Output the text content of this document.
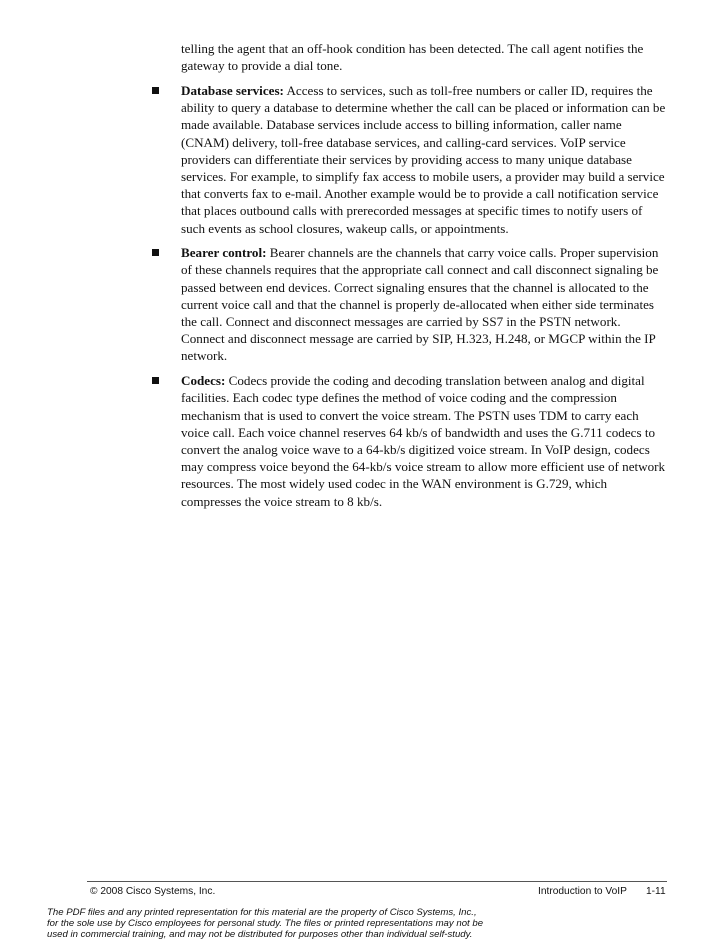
telling the agent that an off-hook condition has been detected. The call agent notifies the gateway to provide a dial tone.

Database services: Access to services, such as toll-free numbers or caller ID, requires the ability to query a database to determine whether the call can be placed or information can be made available. Database services include access to billing information, caller name (CNAM) delivery, toll-free database services, and calling-card services. VoIP service providers can differentiate their services by providing access to many unique database services. For example, to simplify fax access to mobile users, a provider may build a service that converts fax to e-mail. Another example would be to provide a call notification service that places outbound calls with prerecorded messages at specific times to notify users of such events as school closures, wakeup calls, or appointments.
Bearer control: Bearer channels are the channels that carry voice calls. Proper supervision of these channels requires that the appropriate call connect and call disconnect signaling be passed between end devices. Correct signaling ensures that the channel is allocated to the current voice call and that the channel is properly de-allocated when either side terminates the call. Connect and disconnect messages are carried by SS7 in the PSTN network. Connect and disconnect message are carried by SIP, H.323, H.248, or MGCP within the IP network.
Codecs: Codecs provide the coding and decoding translation between analog and digital facilities. Each codec type defines the method of voice coding and the compression mechanism that is used to convert the voice stream. The PSTN uses TDM to carry each voice call. Each voice channel reserves 64 kb/s of bandwidth and uses the G.711 codecs to convert the analog voice wave to a 64-kb/s digitized voice stream. In VoIP design, codecs may compress voice beyond the 64-kb/s voice stream to allow more efficient use of network resources. The most widely used codec in the WAN environment is G.729, which compresses the voice stream to 8 kb/s.
© 2008 Cisco Systems, Inc.	Introduction to VoIP 1-11
The PDF files and any printed representation for this material are the property of Cisco Systems, Inc.,
for the sole use by Cisco employees for personal study. The files or printed representations may not be
used in commercial training, and may not be distributed for purposes other than individual self-study.
